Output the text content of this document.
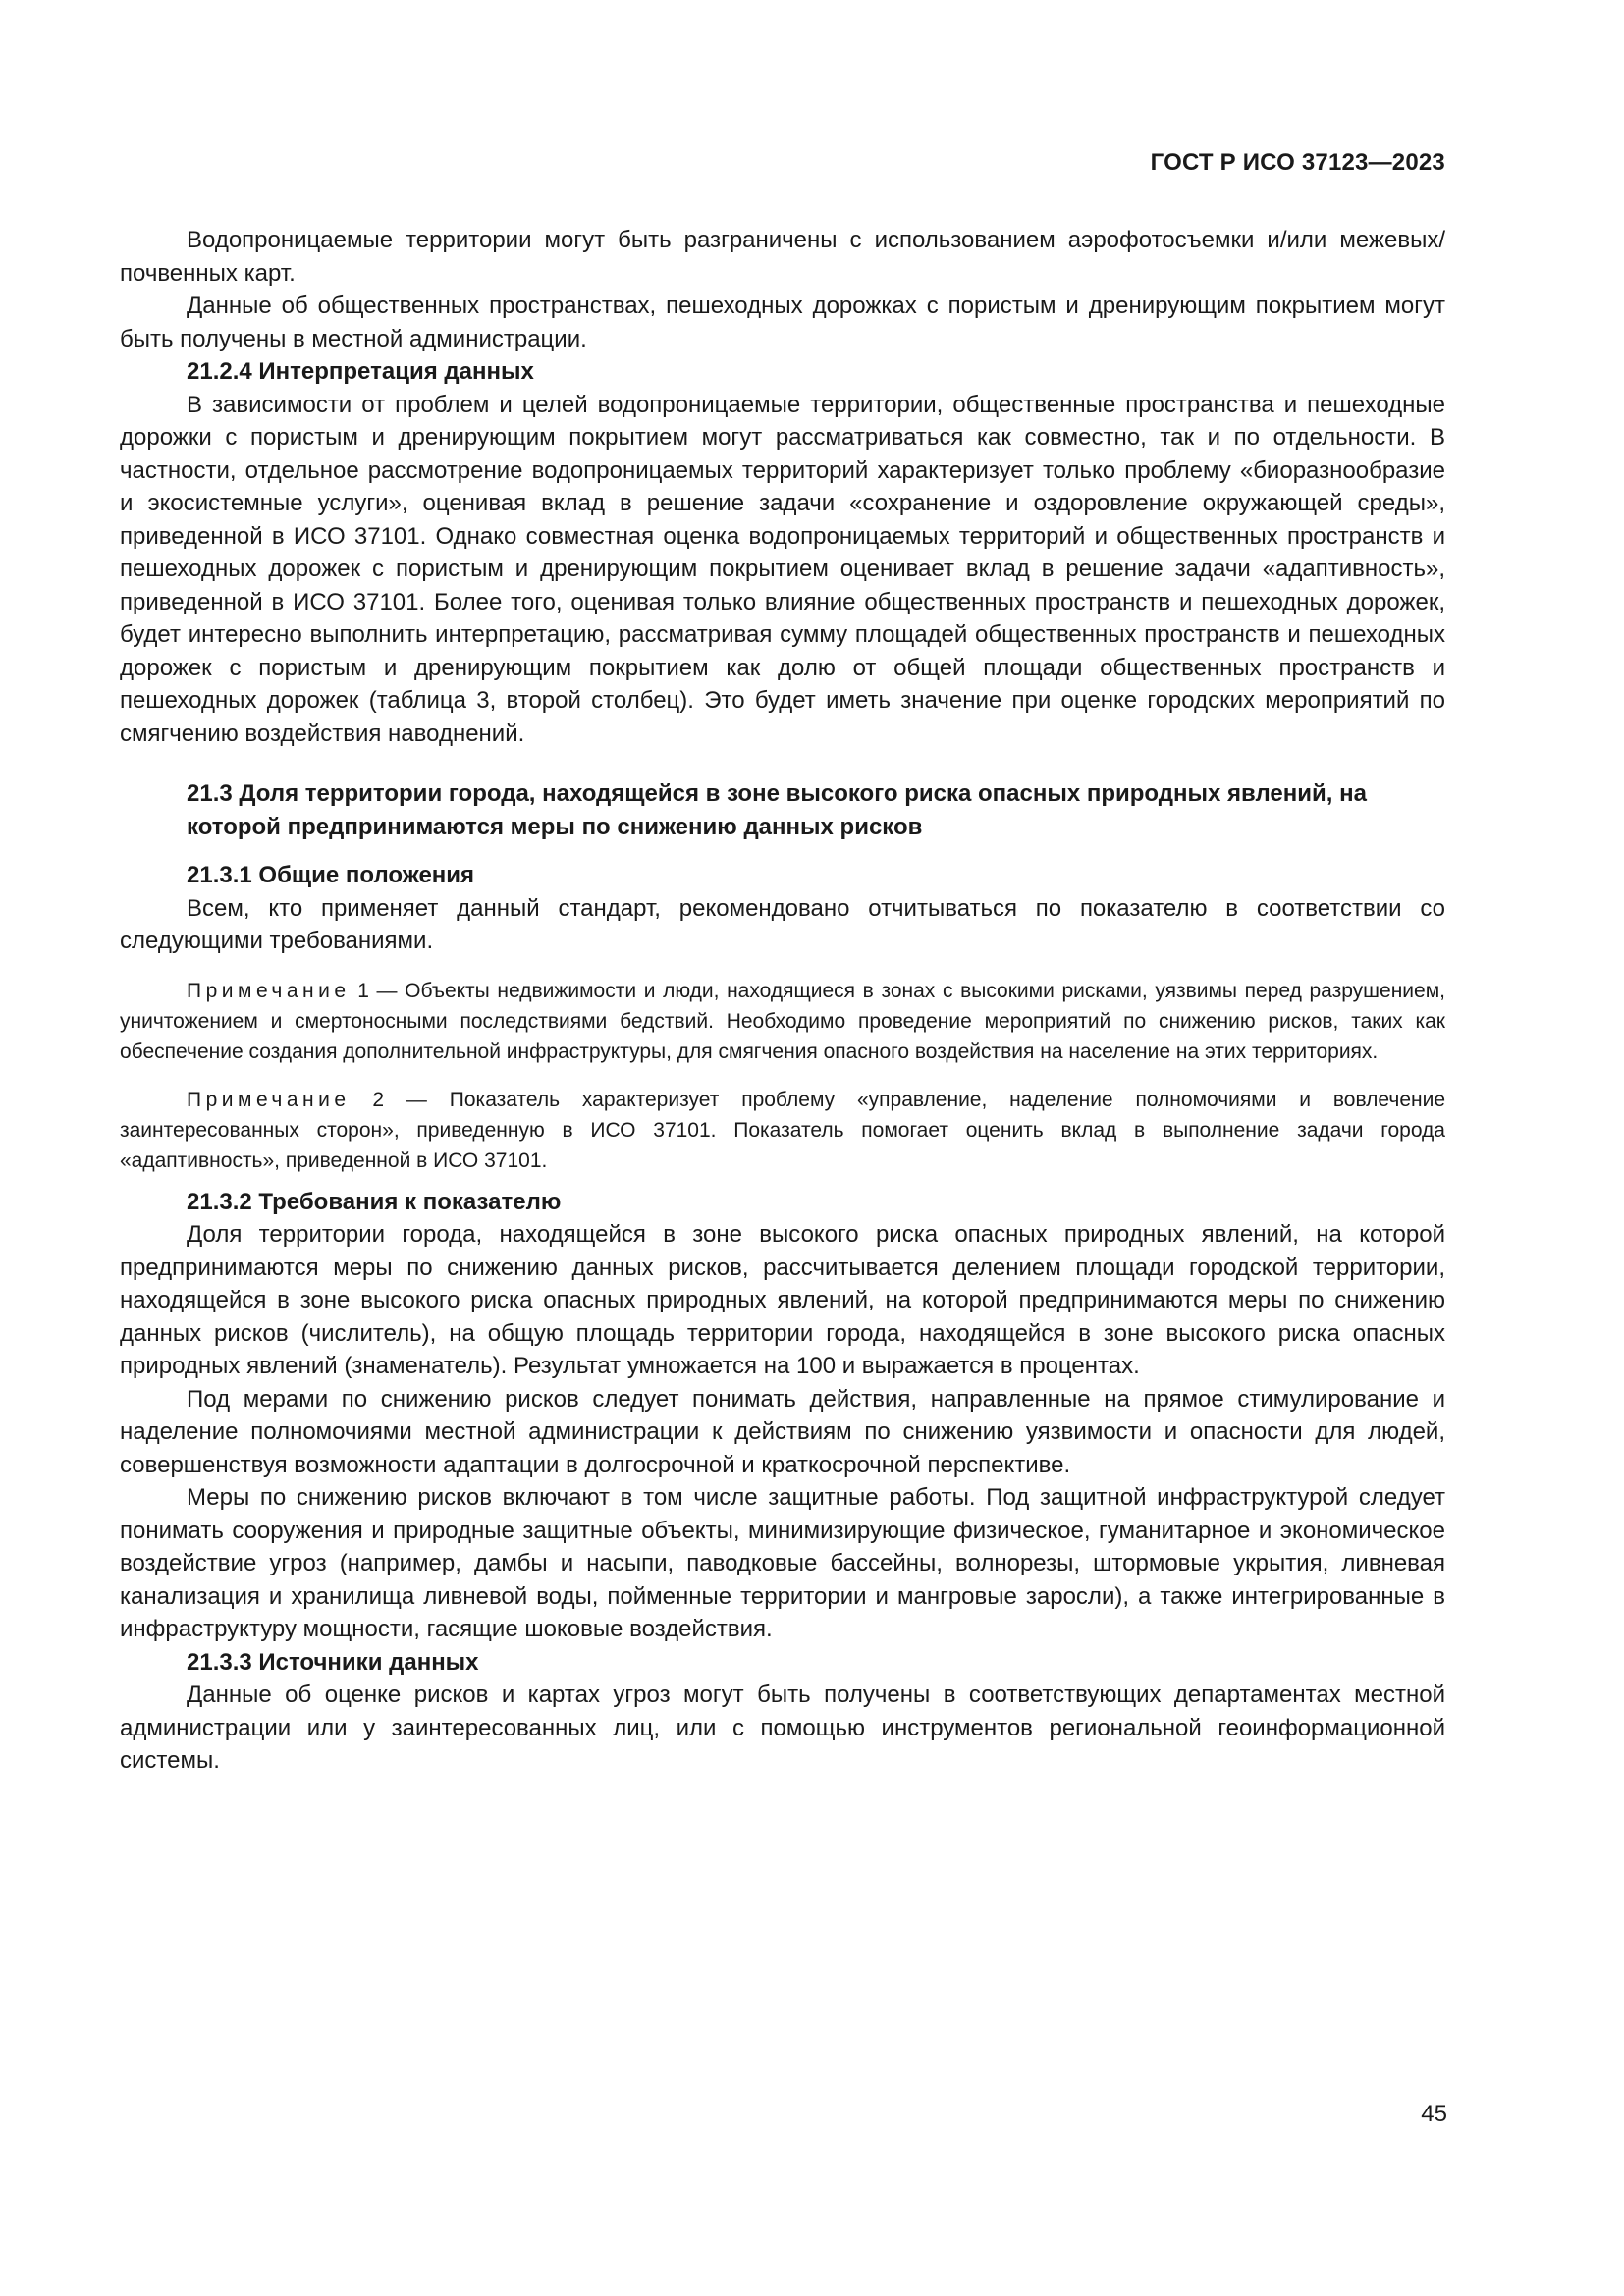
ГОСТ Р ИСО 37123—2023

Водопроницаемые территории могут быть разграничены с использованием аэрофотосъемки и/или межевых/почвенных карт.

Данные об общественных пространствах, пешеходных дорожках с пористым и дренирующим покрытием могут быть получены в местной администрации.

21.2.4 Интерпретация данных

В зависимости от проблем и целей водопроницаемые территории, общественные пространства и пешеходные дорожки с пористым и дренирующим покрытием могут рассматриваться как совместно, так и по отдельности. В частности, отдельное рассмотрение водопроницаемых территорий характеризует только проблему «биоразнообразие и экосистемные услуги», оценивая вклад в решение задачи «сохранение и оздоровление окружающей среды», приведенной в ИСО 37101. Однако совместная оценка водопроницаемых территорий и общественных пространств и пешеходных дорожек с пористым и дренирующим покрытием оценивает вклад в решение задачи «адаптивность», приведенной в ИСО 37101. Более того, оценивая только влияние общественных пространств и пешеходных дорожек, будет интересно выполнить интерпретацию, рассматривая сумму площадей общественных пространств и пешеходных дорожек с пористым и дренирующим покрытием как долю от общей площади общественных пространств и пешеходных дорожек (таблица 3, второй столбец). Это будет иметь значение при оценке городских мероприятий по смягчению воздействия наводнений.

21.3 Доля территории города, находящейся в зоне высокого риска опасных природных явлений, на которой предпринимаются меры по снижению данных рисков

21.3.1 Общие положения

Всем, кто применяет данный стандарт, рекомендовано отчитываться по показателю в соответствии со следующими требованиями.

Примечание 1 — Объекты недвижимости и люди, находящиеся в зонах с высокими рисками, уязвимы перед разрушением, уничтожением и смертоносными последствиями бедствий. Необходимо проведение мероприятий по снижению рисков, таких как обеспечение создания дополнительной инфраструктуры, для смягчения опасного воздействия на население на этих территориях.

Примечание 2 — Показатель характеризует проблему «управление, наделение полномочиями и вовлечение заинтересованных сторон», приведенную в ИСО 37101. Показатель помогает оценить вклад в выполнение задачи города «адаптивность», приведенной в ИСО 37101.

21.3.2 Требования к показателю

Доля территории города, находящейся в зоне высокого риска опасных природных явлений, на которой предпринимаются меры по снижению данных рисков, рассчитывается делением площади городской территории, находящейся в зоне высокого риска опасных природных явлений, на которой предпринимаются меры по снижению данных рисков (числитель), на общую площадь территории города, находящейся в зоне высокого риска опасных природных явлений (знаменатель). Результат умножается на 100 и выражается в процентах.

Под мерами по снижению рисков следует понимать действия, направленные на прямое стимулирование и наделение полномочиями местной администрации к действиям по снижению уязвимости и опасности для людей, совершенствуя возможности адаптации в долгосрочной и краткосрочной перспективе.

Меры по снижению рисков включают в том числе защитные работы. Под защитной инфраструктурой следует понимать сооружения и природные защитные объекты, минимизирующие физическое, гуманитарное и экономическое воздействие угроз (например, дамбы и насыпи, паводковые бассейны, волнорезы, штормовые укрытия, ливневая канализация и хранилища ливневой воды, пойменные территории и мангровые заросли), а также интегрированные в инфраструктуру мощности, гасящие шоковые воздействия.

21.3.3 Источники данных

Данные об оценке рисков и картах угроз могут быть получены в соответствующих департаментах местной администрации или у заинтересованных лиц, или с помощью инструментов региональной геоинформационной системы.

45
